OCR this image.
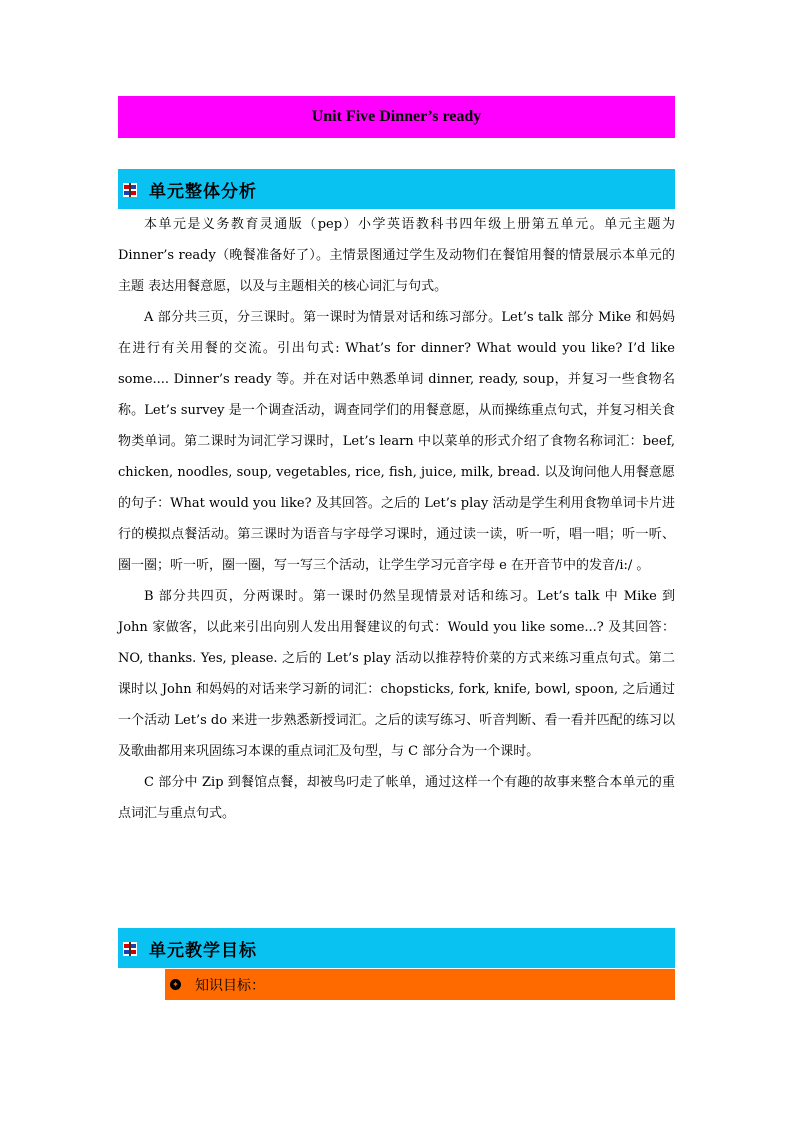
Unit Five Dinner’s ready
单元整体分析

本单元是义务教育灵通版（pep）小学英语教科书四年级上册第五单元。单元主题为 Dinner’s ready（晚餐准备好了）。主情景图通过学生及动物们在餐馆用餐的情景展示本单元的主题 表达用餐意愿，以及与主题相关的核心词汇与句式。

A 部分共三页，分三课时。第一课时为情景对话和练习部分。Let’s talk 部分 Mike 和妈妈在进行有关用餐的交流。引出句式: What’s for dinner? What would you like? I’d like some.... Dinner’s ready 等。并在对话中熟悉单词 dinner, ready, soup，并复习一些食物名称。Let’s survey 是一个调查活动，调查同学们的用餐意愿，从而操练重点句式，并复习相关食物类单词。第二课时为词汇学习课时，Let’s learn 中以菜单的形式介绍了食物名称词汇：beef, chicken, noodles, soup, vegetables, rice, fish, juice, milk, bread. 以及询问他人用餐意愿的句子：What would you like? 及其回答。之后的 Let’s play 活动是学生利用食物单词卡片进行的模拟点餐活动。第三课时为语音与字母学习课时，通过读一读，听一听，唱一唱；听一听、圈一圈；听一听，圈一圈，写一写三个活动，让学生学习元音字母 e 在开音节中的发音/i:/ 。

B 部分共四页，分两课时。第一课时仍然呈现情景对话和练习。Let’s talk 中 Mike 到 John 家做客，以此来引出向别人发出用餐建议的句式：Would you like some...? 及其回答：NO, thanks. Yes, please. 之后的 Let’s play 活动以推荐特价菜的方式来练习重点句式。第二课时以 John 和妈妈的对话来学习新的词汇：chopsticks, fork, knife, bowl, spoon, 之后通过一个活动 Let’s do 来进一步熟悉新授词汇。之后的读写练习、听音判断、看一看并匹配的练习以及歌曲都用来巩固练习本课的重点词汇及句型，与 C 部分合为一个课时。

C 部分中 Zip 到餐馆点餐，却被鸟叼走了帐单，通过这样一个有趣的故事来整合本单元的重点词汇与重点句式。

单元教学目标
✦ 知识目标：
